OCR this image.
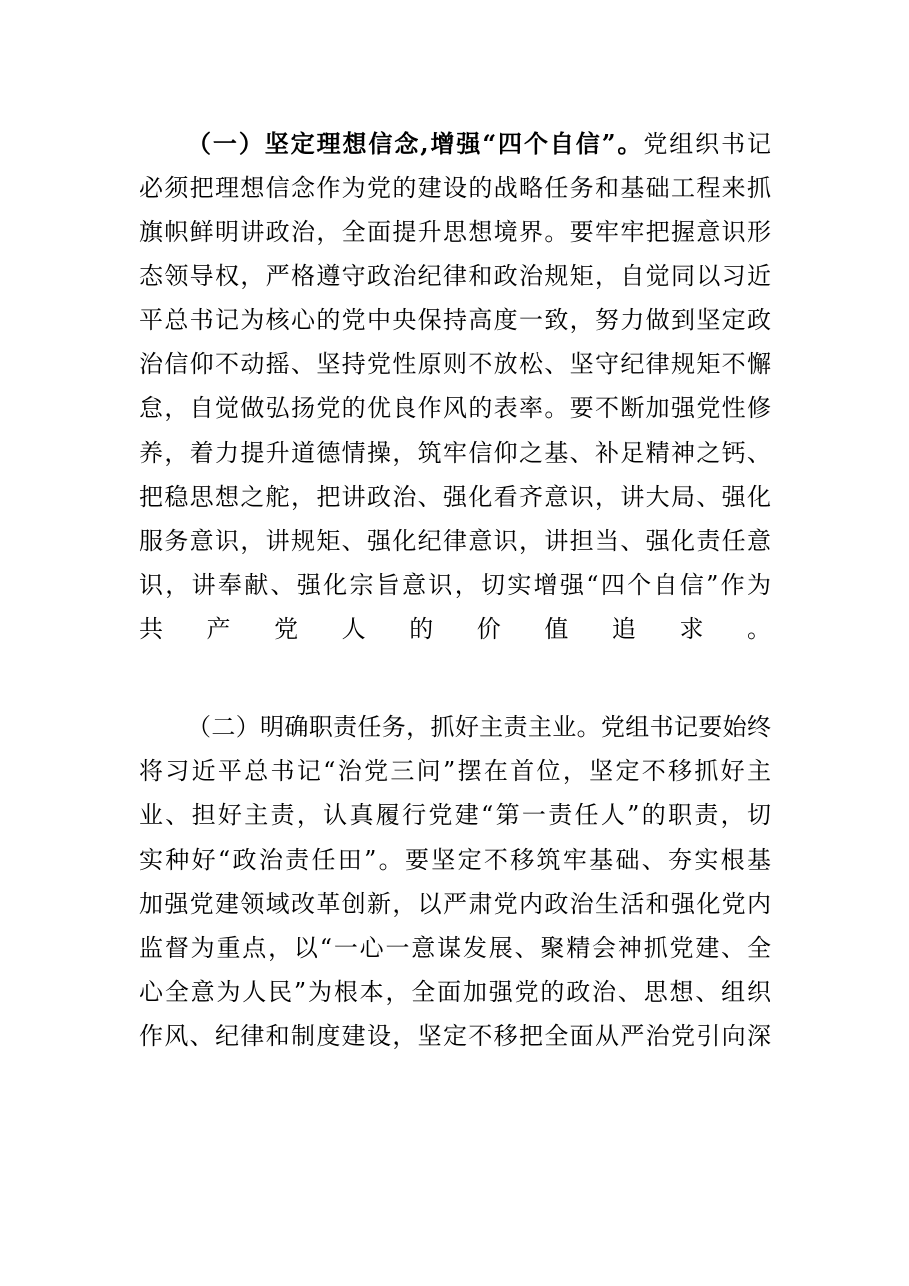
（一）坚定理想信念,增强“四个自信”。党组织书记
必须把理想信念作为党的建设的战略任务和基础工程来抓
旗帜鲜明讲政治，全面提升思想境界。要牢牢把握意识形
态领导权，严格遵守政治纪律和政治规矩，自觉同以习近
平总书记为核心的党中央保持高度一致，努力做到坚定政
治信仰不动摇、坚持党性原则不放松、坚守纪律规矩不懈
怠，自觉做弘扬党的优良作风的表率。要不断加强党性修
养，着力提升道德情操，筑牢信仰之基、补足精神之钙、
把稳思想之舵，把讲政治、强化看齐意识，讲大局、强化
服务意识，讲规矩、强化纪律意识，讲担当、强化责任意
识，讲奉献、强化宗旨意识，切实增强“四个自信”作为
共产党人的价值追求。
（二）明确职责任务，抓好主责主业。党组书记要始终
将习近平总书记“治党三问”摆在首位，坚定不移抓好主
业、担好主责，认真履行党建“第一责任人”的职责，切
实种好“政治责任田”。要坚定不移筑牢基础、夯实根基
加强党建领域改革创新，以严肃党内政治生活和强化党内
监督为重点，以“一心一意谋发展、聚精会神抓党建、全
心全意为人民”为根本，全面加强党的政治、思想、组织
作风、纪律和制度建设，坚定不移把全面从严治党引向深
